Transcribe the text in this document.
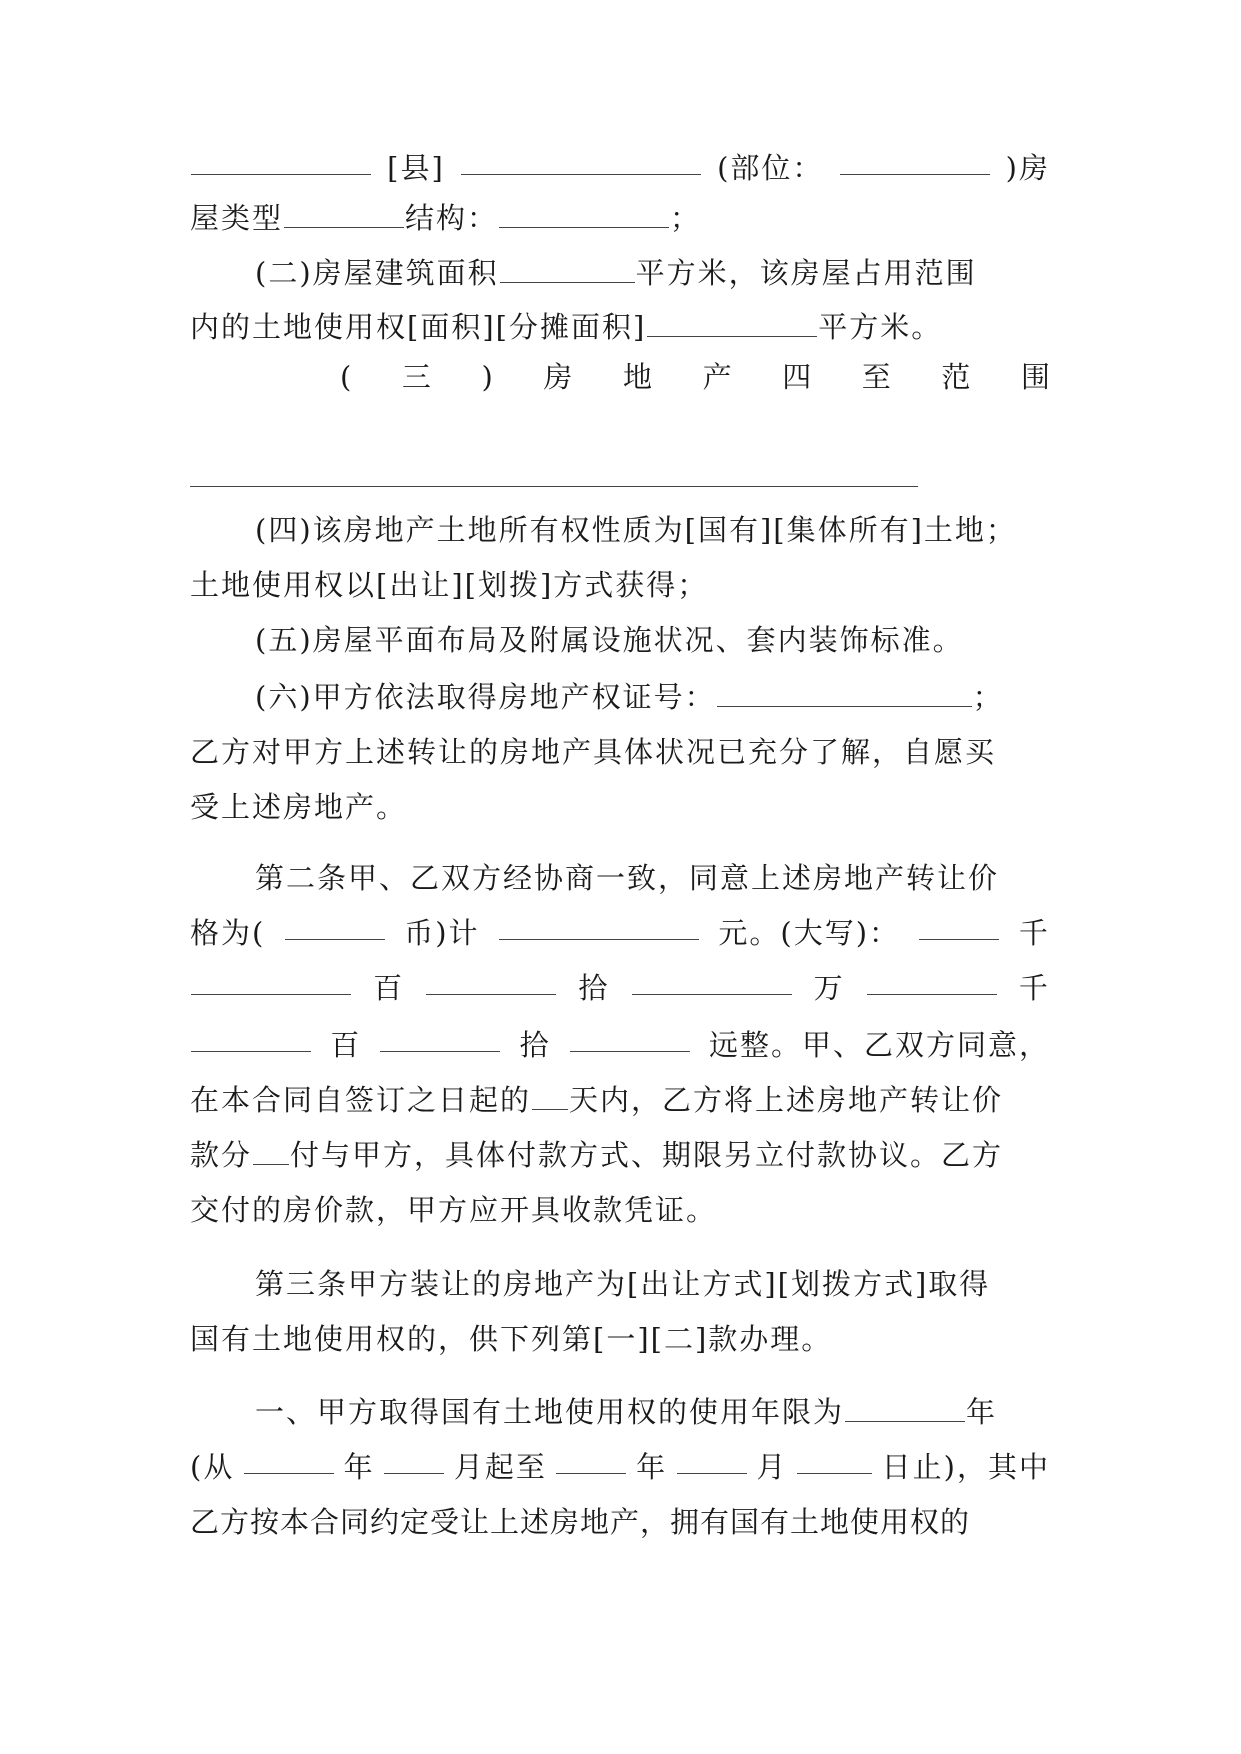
[县]	(部位：	)房
屋类型	结构：	；
(二)房屋建筑面积	平方米，该房屋占用范围
内的土地使用权[面积][分摊面积]	平方米。
( 三 ) 房 地 产 四 至 范 围
(四)该房地产土地所有权性质为[国有][集体所有]土地；
土地使用权以[出让][划拨]方式获得；
(五)房屋平面布局及附属设施状况、套内装饰标准。
(六)甲方依法取得房地产权证号：	；
乙方对甲方上述转让的房地产具体状况已充分了解，自愿买
受上述房地产。
第二条甲、乙双方经协商一致，同意上述房地产转让价
格为(	币)计	元。(大写)：	千
百	拾	万	千
百	拾	远整。甲、乙双方同意，
在本合同自签订之日起的 天内，乙方将上述房地产转让价
款分 付与甲方，具体付款方式、期限另立付款协议。乙方
交付的房价款，甲方应开具收款凭证。
第三条甲方装让的房地产为[出让方式][划拨方式]取得
国有土地使用权的，供下列第[一][二]款办理。
一、甲方取得国有土地使用权的使用年限为	年
(从	年	月起至	年	月	日止)，其中
乙方按本合同约定受让上述房地产，拥有国有土地使用权的
